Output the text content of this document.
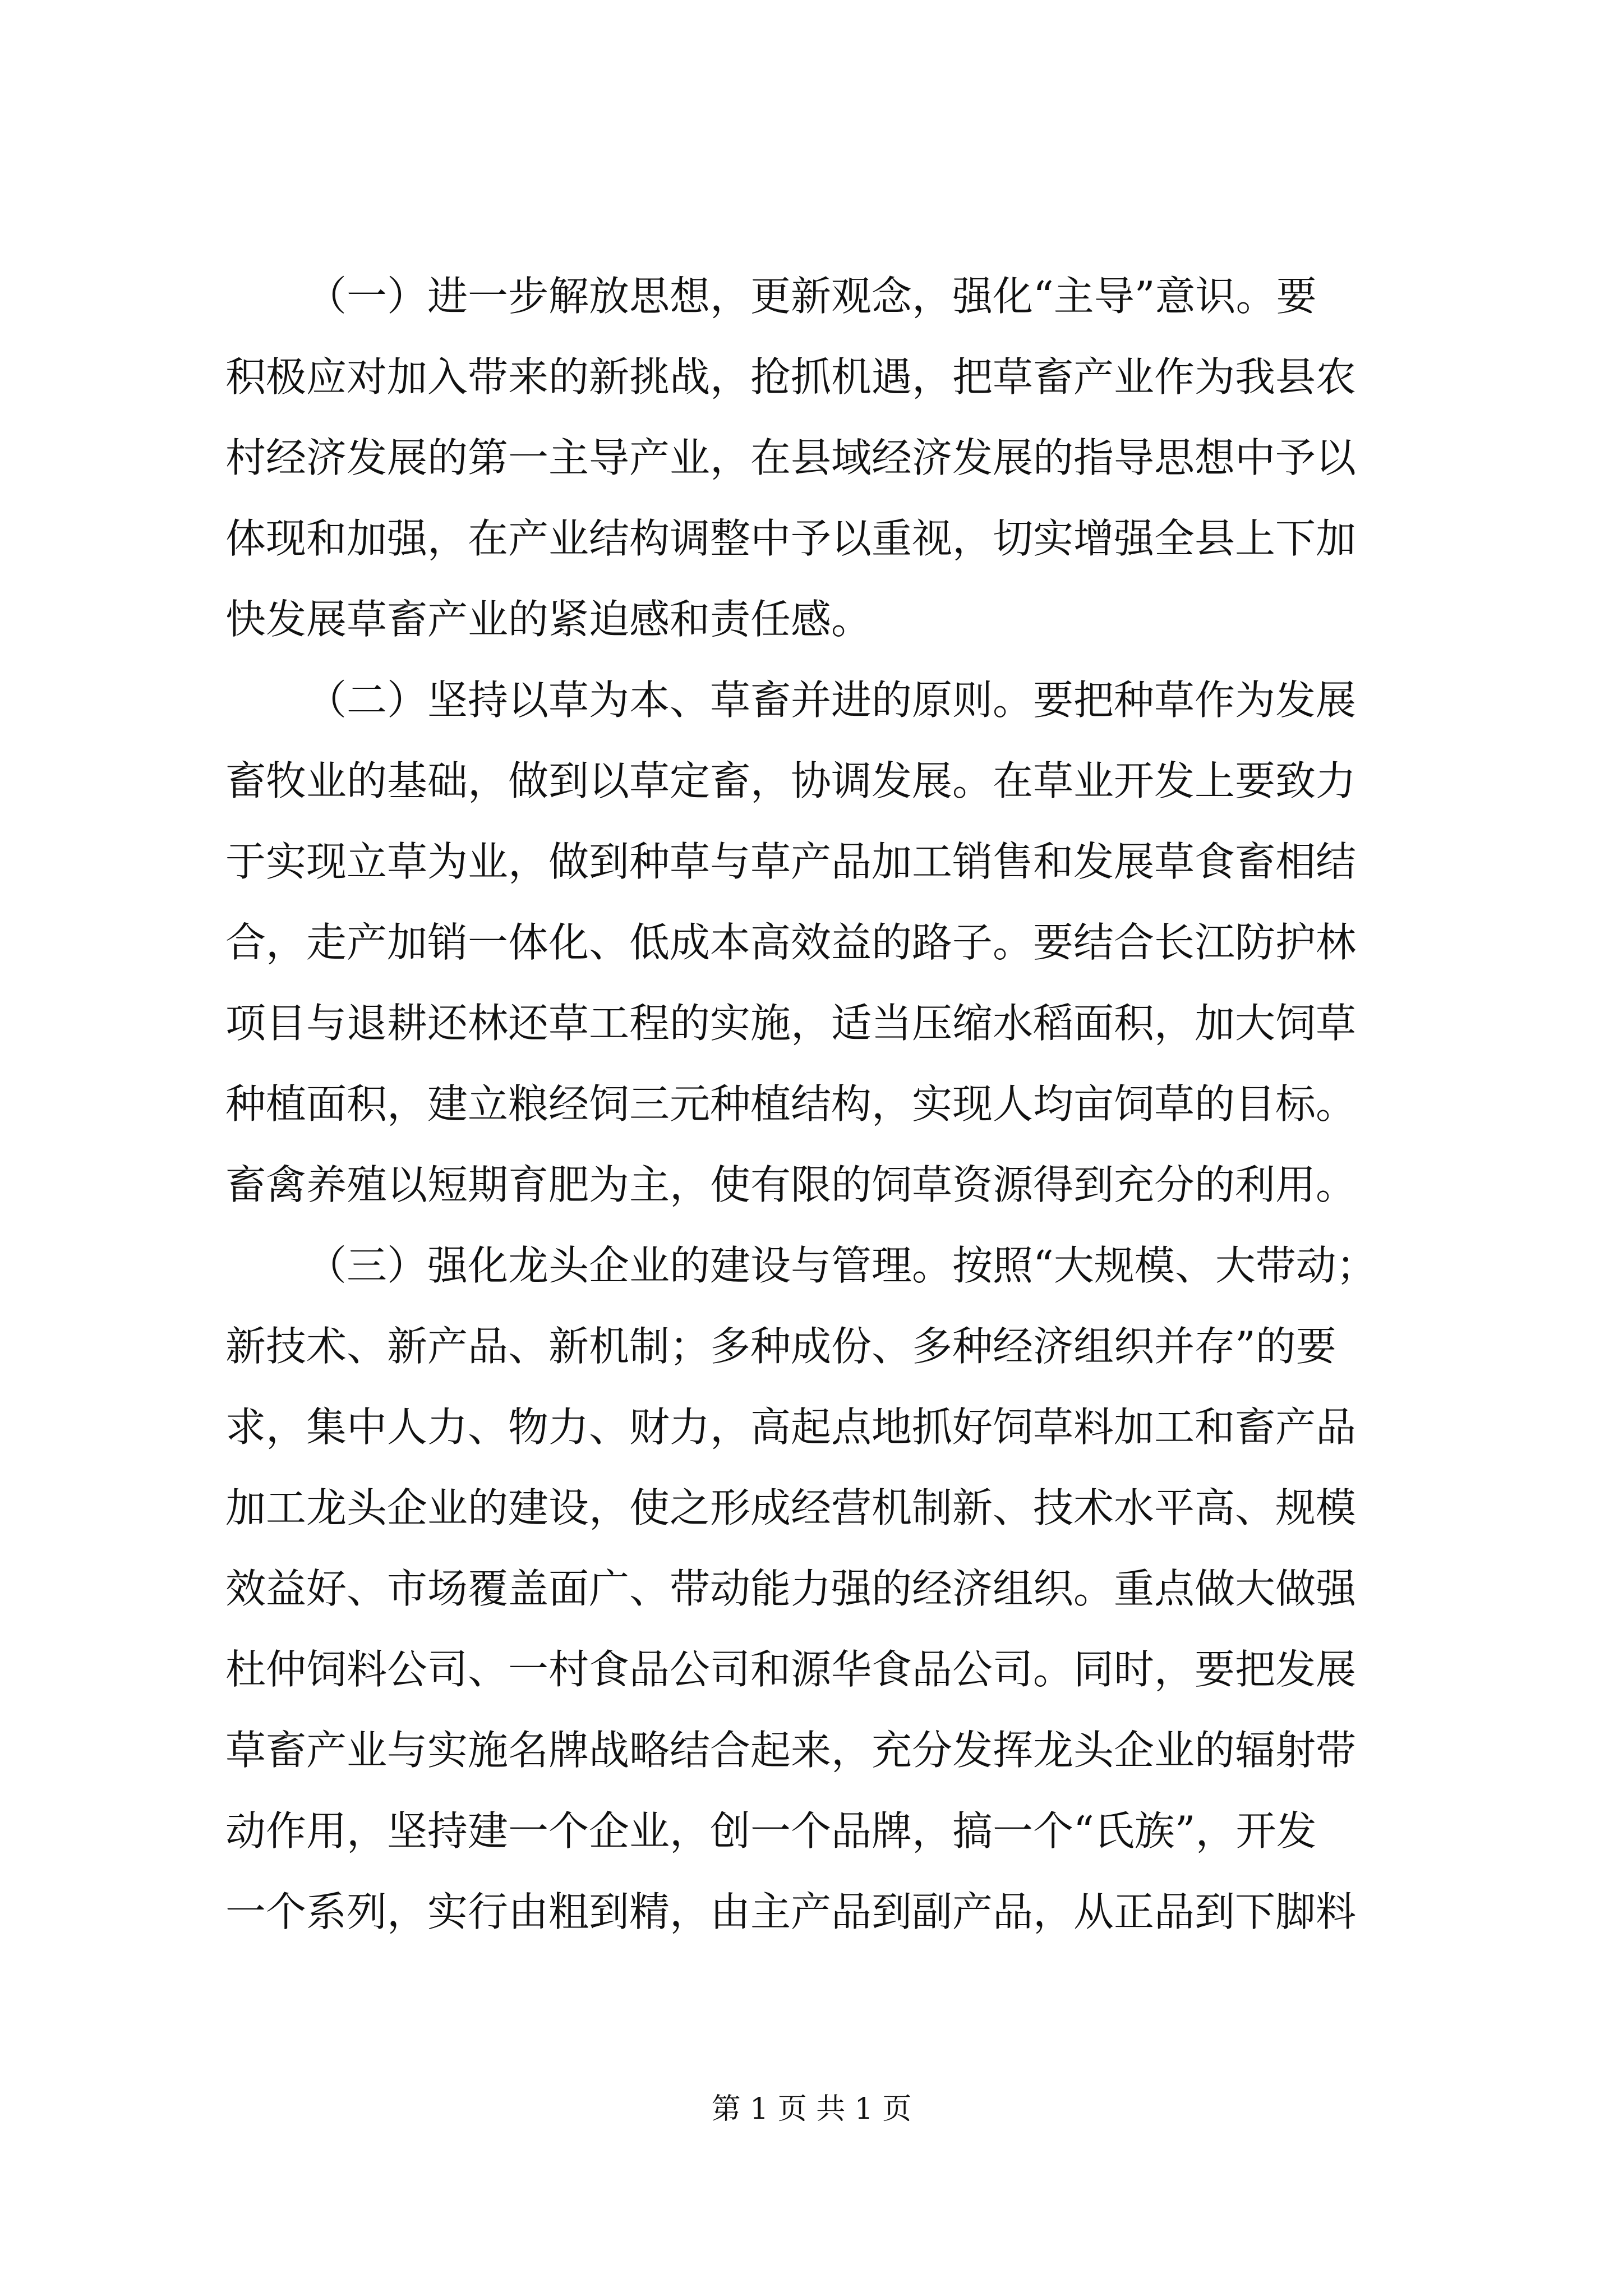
（一）进一步解放思想，更新观念，强化“主导”意识。要
积极应对加入带来的新挑战，抢抓机遇，把草畜产业作为我县农
村经济发展的第一主导产业，在县域经济发展的指导思想中予以
体现和加强，在产业结构调整中予以重视，切实增强全县上下加
快发展草畜产业的紧迫感和责任感。
（二）坚持以草为本、草畜并进的原则。要把种草作为发展
畜牧业的基础，做到以草定畜，协调发展。在草业开发上要致力
于实现立草为业，做到种草与草产品加工销售和发展草食畜相结
合，走产加销一体化、低成本高效益的路子。要结合长江防护林
项目与退耕还林还草工程的实施，适当压缩水稻面积，加大饲草
种植面积，建立粮经饲三元种植结构，实现人均亩饲草的目标。
畜禽养殖以短期育肥为主，使有限的饲草资源得到充分的利用。
（三）强化龙头企业的建设与管理。按照“大规模、大带动；
新技术、新产品、新机制；多种成份、多种经济组织并存”的要
求，集中人力、物力、财力，高起点地抓好饲草料加工和畜产品
加工龙头企业的建设，使之形成经营机制新、技术水平高、规模
效益好、市场覆盖面广、带动能力强的经济组织。重点做大做强
杜仲饲料公司、一村食品公司和源华食品公司。同时，要把发展
草畜产业与实施名牌战略结合起来，充分发挥龙头企业的辐射带
动作用，坚持建一个企业，创一个品牌，搞一个“氏族”，开发
一个系列，实行由粗到精，由主产品到副产品，从正品到下脚料
第 1 页 共 1 页
